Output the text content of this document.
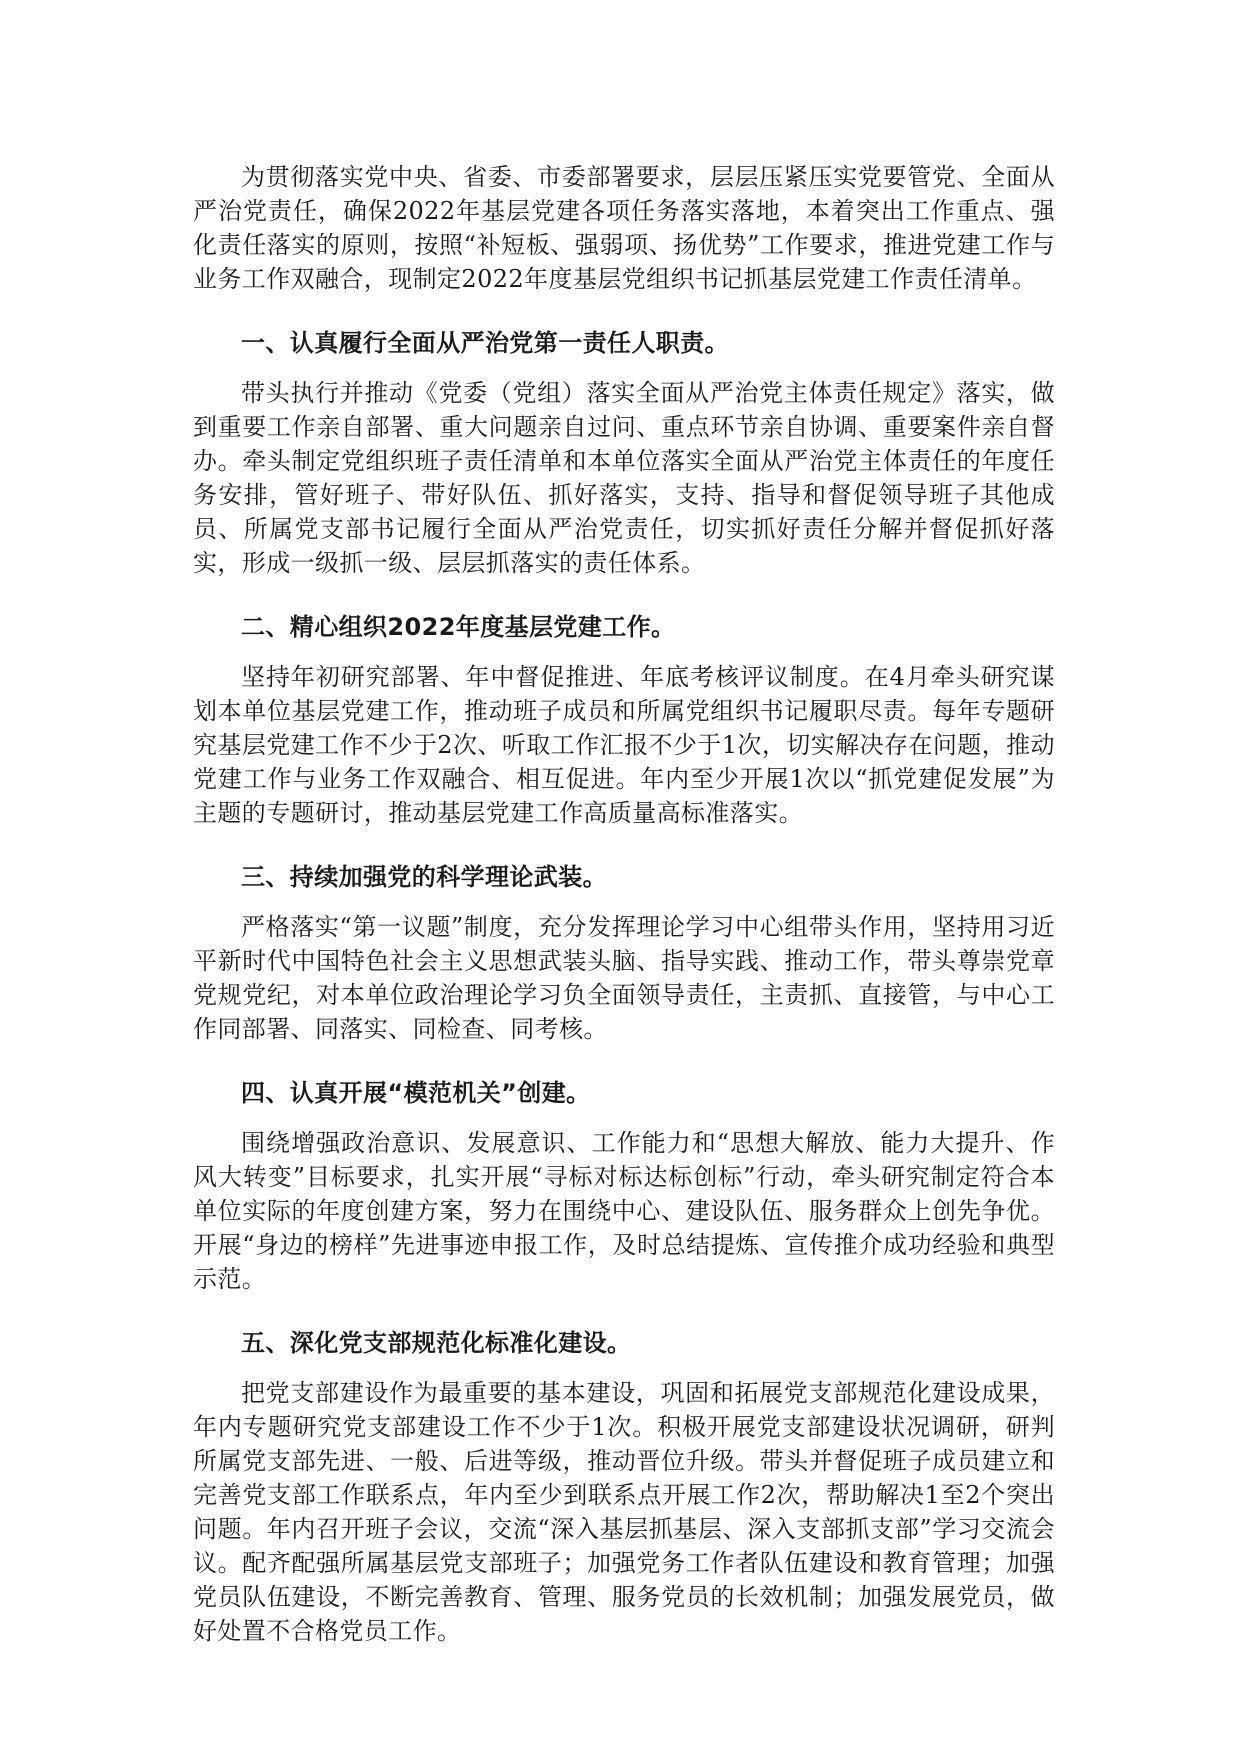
为贯彻落实党中央、省委、市委部署要求，层层压紧压实党要管党、全面从严治党责任，确保2022年基层党建各项任务落实落地，本着突出工作重点、强化责任落实的原则，按照“补短板、强弱项、扬优势”工作要求，推进党建工作与业务工作双融合，现制定2022年度基层党组织书记抓基层党建工作责任清单。

一、认真履行全面从严治党第一责任人职责。

带头执行并推动《党委（党组）落实全面从严治党主体责任规定》落实，做到重要工作亲自部署、重大问题亲自过问、重点环节亲自协调、重要案件亲自督办。牵头制定党组织班子责任清单和本单位落实全面从严治党主体责任的年度任务安排，管好班子、带好队伍、抓好落实，支持、指导和督促领导班子其他成员、所属党支部书记履行全面从严治党责任，切实抓好责任分解并督促抓好落实，形成一级抓一级、层层抓落实的责任体系。

二、精心组织2022年度基层党建工作。

坚持年初研究部署、年中督促推进、年底考核评议制度。在4月牵头研究谋划本单位基层党建工作，推动班子成员和所属党组织书记履职尽责。每年专题研究基层党建工作不少于2次、听取工作汇报不少于1次，切实解决存在问题，推动党建工作与业务工作双融合、相互促进。年内至少开展1次以“抓党建促发展”为主题的专题研讨，推动基层党建工作高质量高标准落实。

三、持续加强党的科学理论武装。

严格落实“第一议题”制度，充分发挥理论学习中心组带头作用，坚持用习近平新时代中国特色社会主义思想武装头脑、指导实践、推动工作，带头尊崇党章党规党纪，对本单位政治理论学习负全面领导责任，主责抓、直接管，与中心工作同部署、同落实、同检查、同考核。

四、认真开展“模范机关”创建。

围绕增强政治意识、发展意识、工作能力和“思想大解放、能力大提升、作风大转变”目标要求，扎实开展“寻标对标达标创标”行动，牵头研究制定符合本单位实际的年度创建方案，努力在围绕中心、建设队伍、服务群众上创先争优。开展“身边的榜样”先进事迹申报工作，及时总结提炼、宣传推介成功经验和典型示范。

五、深化党支部规范化标准化建设。

把党支部建设作为最重要的基本建设，巩固和拓展党支部规范化建设成果，年内专题研究党支部建设工作不少于1次。积极开展党支部建设状况调研，研判所属党支部先进、一般、后进等级，推动晋位升级。带头并督促班子成员建立和完善党支部工作联系点，年内至少到联系点开展工作2次，帮助解决1至2个突出问题。年内召开班子会议，交流“深入基层抓基层、深入支部抓支部”学习交流会议。配齐配强所属基层党支部班子；加强党务工作者队伍建设和教育管理；加强党员队伍建设，不断完善教育、管理、服务党员的长效机制；加强发展党员，做好处置不合格党员工作。
